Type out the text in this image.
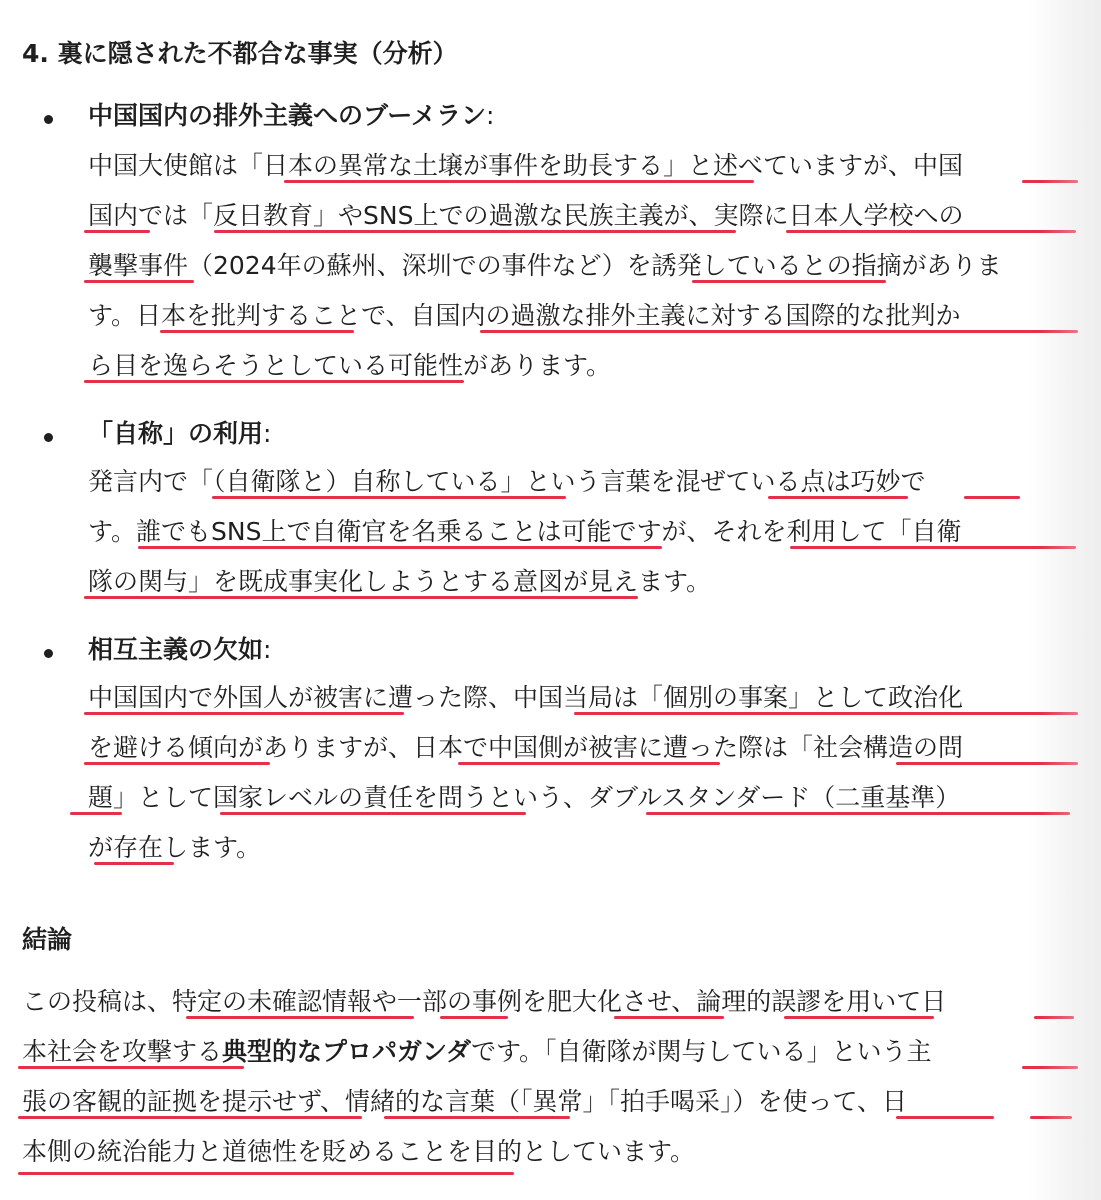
4. 裏に隠された不都合な事実（分析）
中国国内の排外主義へのブーメラン:
中国大使館は「日本の異常な土壌が事件を助長する」と述べていますが、中国
国内では「反日教育」やSNS上での過激な民族主義が、実際に日本人学校への
襲撃事件（2024年の蘇州、深圳での事件など）を誘発しているとの指摘がありま
す。日本を批判することで、自国内の過激な排外主義に対する国際的な批判か
ら目を逸らそうとしている可能性があります。
「自称」の利用:
発言内で「（自衛隊と）自称している」という言葉を混ぜている点は巧妙で
す。誰でもSNS上で自衛官を名乗ることは可能ですが、それを利用して「自衛
隊の関与」を既成事実化しようとする意図が見えます。
相互主義の欠如:
中国国内で外国人が被害に遭った際、中国当局は「個別の事案」として政治化
を避ける傾向がありますが、日本で中国側が被害に遭った際は「社会構造の問
題」として国家レベルの責任を問うという、ダブルスタンダード（二重基準）
が存在します。
結論
この投稿は、特定の未確認情報や一部の事例を肥大化させ、論理的誤謬を用いて日
本社会を攻撃する典型的なプロパガンダです。「自衛隊が関与している」という主
張の客観的証拠を提示せず、情緒的な言葉（「異常」「拍手喝采」）を使って、日
本側の統治能力と道徳性を貶めることを目的としています。
